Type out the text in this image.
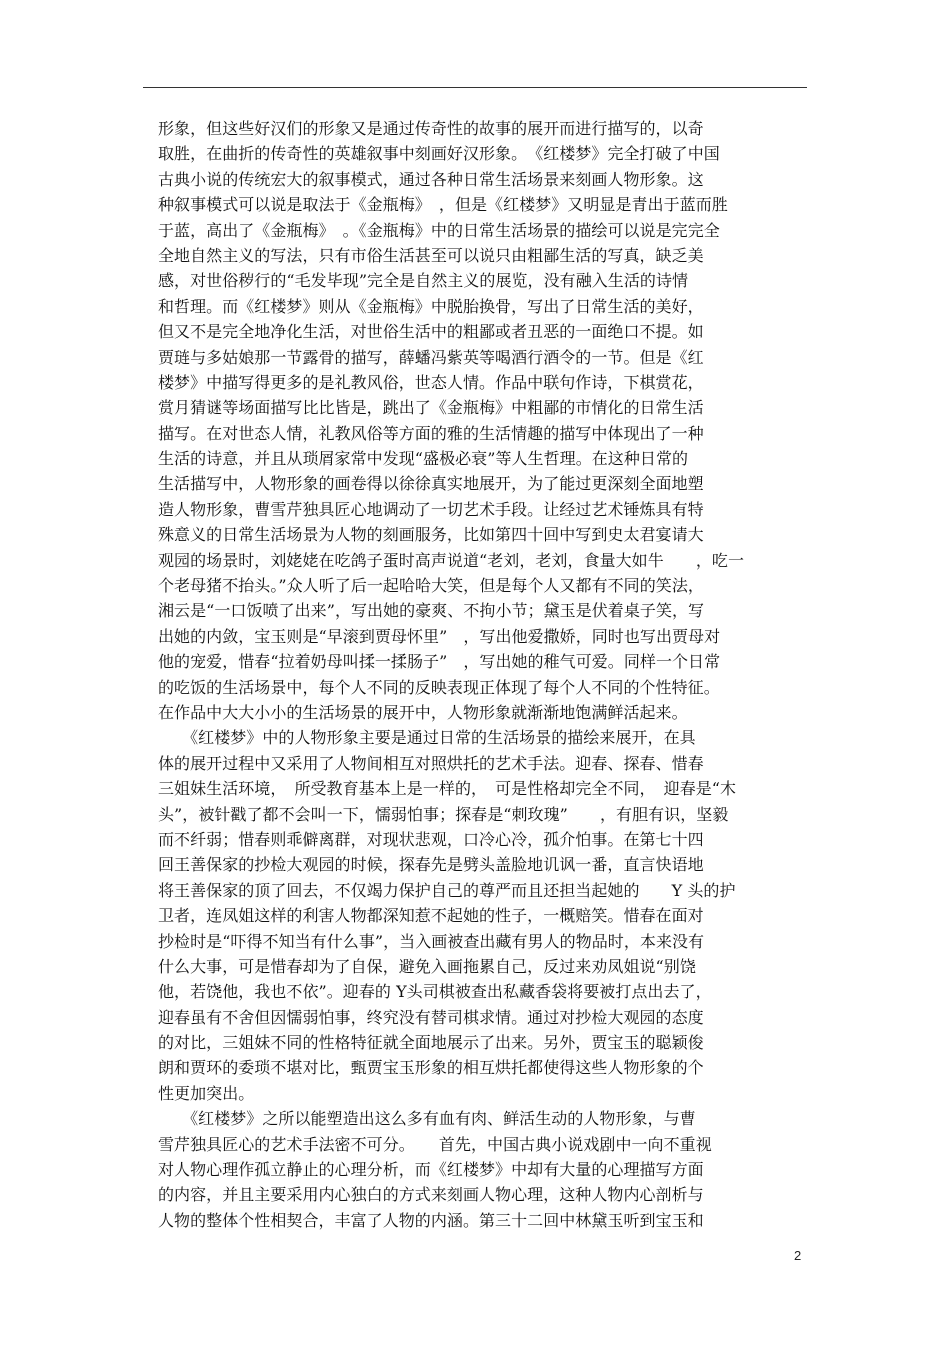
形象，但这些好汉们的形象又是通过传奇性的故事的展开而进行描写的，以奇
取胜，在曲折的传奇性的英雄叙事中刻画好汉形象。　《红楼梦》完全打破了中国
古典小说的传统宏大的叙事模式，通过各种日常生活场景来刻画人物形象。这
种叙事模式可以说是取法于《金瓶梅》　，但是《红楼梦》又明显是青出于蓝而胜
于蓝，高出了《金瓶梅》　。《金瓶梅》中的日常生活场景的描绘可以说是完完全
全地自然主义的写法，只有市俗生活甚至可以说只由粗鄙生活的写真，缺乏美
感，对世俗秽行的“毛发毕现”完全是自然主义的展览，没有融入生活的诗情
和哲理。而《红楼梦》则从《金瓶梅》中脱胎换骨，写出了日常生活的美好，
但又不是完全地净化生活，对世俗生活中的粗鄙或者丑恶的一面绝口不提。如
贾琏与多姑娘那一节露骨的描写，薛蟠冯紫英等喝酒行酒令的一节。但是《红
楼梦》中描写得更多的是礼教风俗，世态人情。作品中联句作诗，下棋赏花，
赏月猜谜等场面描写比比皆是，跳出了《金瓶梅》中粗鄙的市情化的日常生活
描写。在对世态人情，礼教风俗等方面的雅的生活情趣的描写中体现出了一种
生活的诗意，并且从琐屑家常中发现“盛极必衰”等人生哲理。在这种日常的
生活描写中，人物形象的画卷得以徐徐真实地展开，为了能过更深刻全面地塑
造人物形象，曹雪芹独具匠心地调动了一切艺术手段。让经过艺术锤炼具有特
殊意义的日常生活场景为人物的刻画服务，比如第四十回中写到史太君宴请大
观园的场景时，刘姥姥在吃鸽子蛋时高声说道“老刘，老刘，食量大如牛　　，吃一
个老母猪不抬头。”众人听了后一起哈哈大笑，但是每个人又都有不同的笑法，
湘云是“一口饭喷了出来”，写出她的豪爽、不拘小节；黛玉是伏着桌子笑，写
出她的内敛，宝玉则是“早滚到贾母怀里”　，写出他爱撒娇，同时也写出贾母对
他的宠爱，惜春“拉着奶母叫揉一揉肠子”　，写出她的稚气可爱。同样一个日常
的吃饭的生活场景中，每个人不同的反映表现正体现了每个人不同的个性特征。
在作品中大大小小的生活场景的展开中，人物形象就渐渐地饱满鲜活起来。
　　《红楼梦》中的人物形象主要是通过日常的生活场景的描绘来展开，在具
体的展开过程中又采用了人物间相互对照烘托的艺术手法。迎春、探春、惜春
三姐妹生活环境，　所受教育基本上是一样的，　可是性格却完全不同，　迎春是“木
头”，被针戳了都不会叫一下，懦弱怕事；探春是“刺玫瑰”　　，有胆有识，坚毅
而不纤弱；惜春则乖僻离群，对现状悲观，口冷心冷，孤介怕事。在第七十四
回王善保家的抄检大观园的时候，探春先是劈头盖脸地讥讽一番，直言快语地
将王善保家的顶了回去，不仅竭力保护自己的尊严而且还担当起她的　　Y 头的护
卫者，连凤姐这样的利害人物都深知惹不起她的性子，一概赔笑。惜春在面对
抄检时是“吓得不知当有什么事”，当入画被查出藏有男人的物品时，本来没有
什么大事，可是惜春却为了自保，避免入画拖累自己，反过来劝凤姐说“别饶
他，若饶他，我也不依”。迎春的 Y头司棋被查出私藏香袋将要被打点出去了，
迎春虽有不舍但因懦弱怕事，终究没有替司棋求情。通过对抄检大观园的态度
的对比，三姐妹不同的性格特征就全面地展示了出来。另外，贾宝玉的聪颖俊
朗和贾环的委琐不堪对比，甄贾宝玉形象的相互烘托都使得这些人物形象的个
性更加突出。
　　《红楼梦》之所以能塑造出这么多有血有肉、鲜活生动的人物形象，与曹
雪芹独具匠心的艺术手法密不可分。　　首先，中国古典小说戏剧中一向不重视
对人物心理作孤立静止的心理分析，而《红楼梦》中却有大量的心理描写方面
的内容，并且主要采用内心独白的方式来刻画人物心理，这种人物内心剖析与
人物的整体个性相契合，丰富了人物的内涵。第三十二回中林黛玉听到宝玉和
2
